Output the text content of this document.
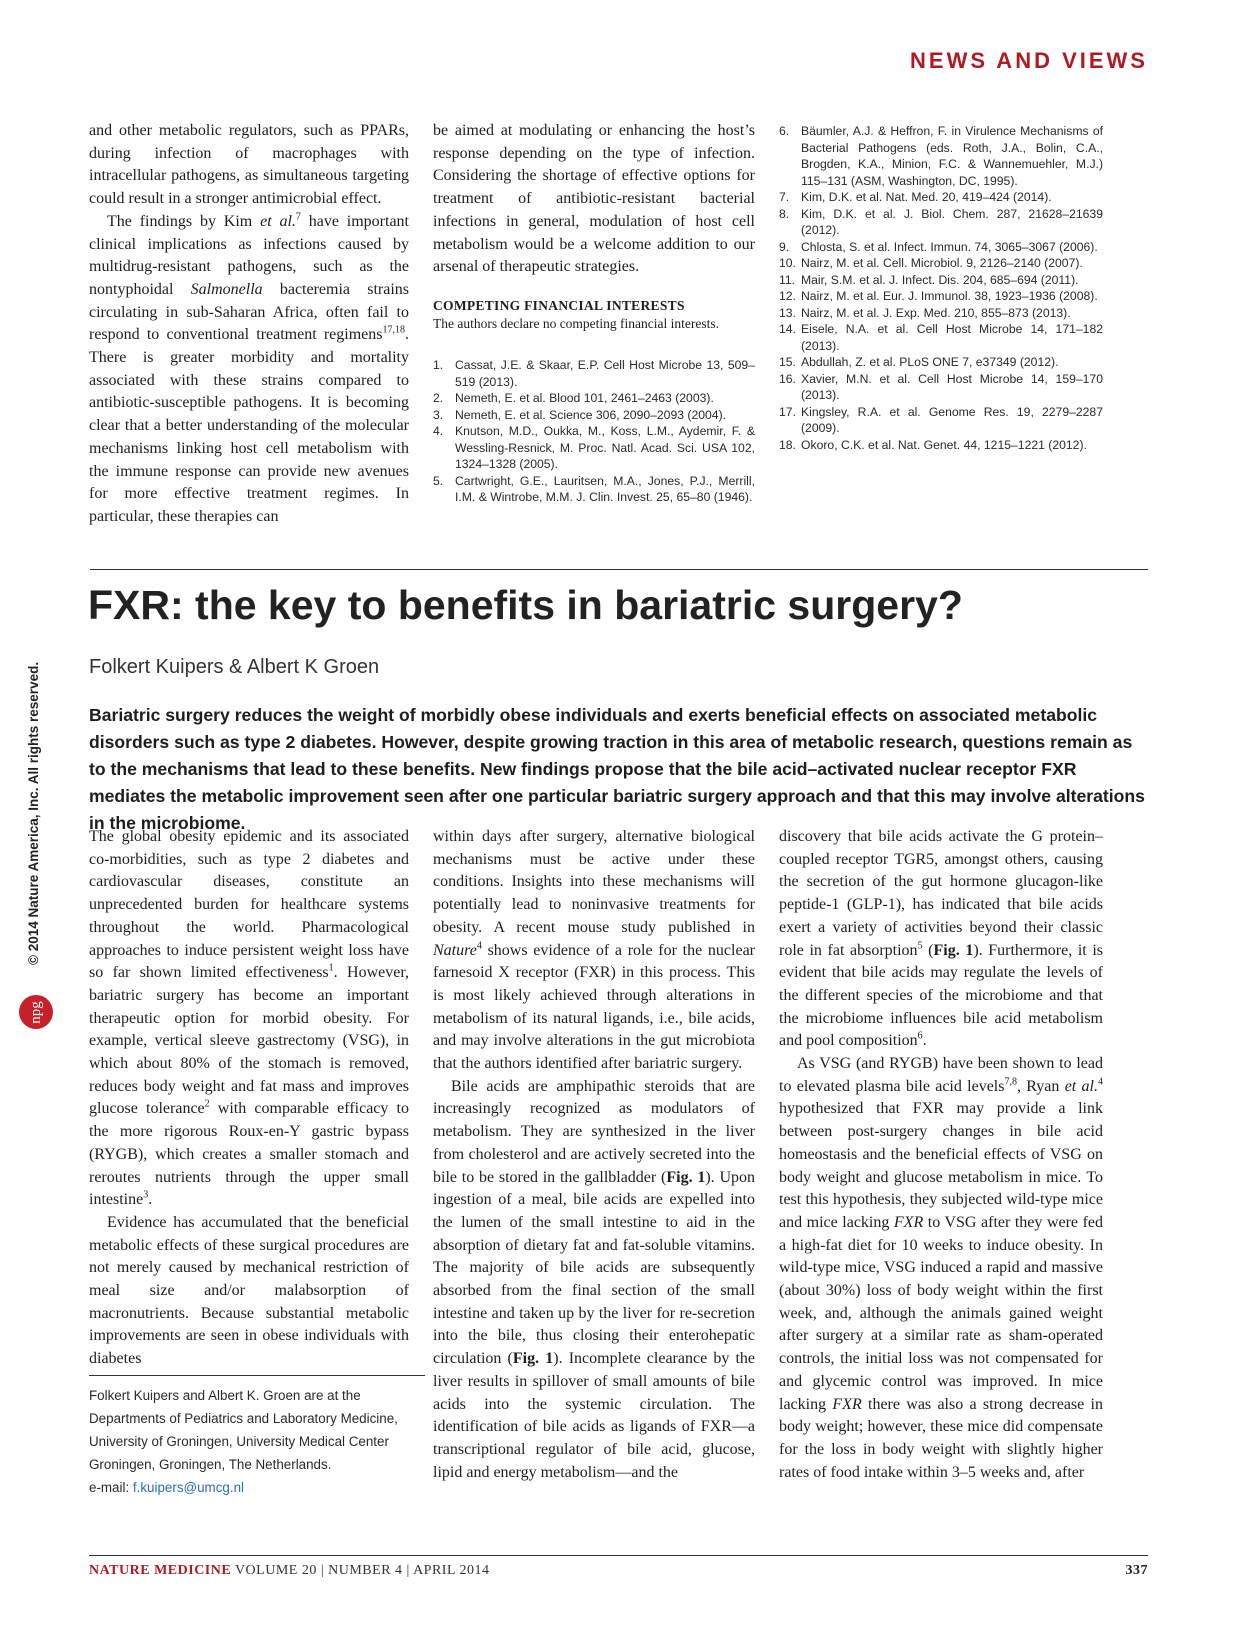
NEWS AND VIEWS
© 2014 Nature America, Inc. All rights reserved.
npg

and other metabolic regulators, such as PPARs, during infection of macrophages with intracellular pathogens, as simultaneous targeting could result in a stronger antimicrobial effect.

The findings by Kim et al.$^7$ have important clinical implications as infections caused by multidrug-resistant pathogens, such as the nontyphoidal Salmonella bacteremia strains circulating in sub-Saharan Africa, often fail to respond to conventional treatment regimens$^{17,18}$. There is greater morbidity and mortality associated with these strains compared to antibiotic-susceptible pathogens. It is becoming clear that a better understanding of the molecular mechanisms linking host cell metabolism with the immune response can provide new avenues for more effective treatment regimes. In particular, these therapies can

be aimed at modulating or enhancing the host’s response depending on the type of infection. Considering the shortage of effective options for treatment of antibiotic-resistant bacterial infections in general, modulation of host cell metabolism would be a welcome addition to our arsenal of therapeutic strategies.

COMPETING FINANCIAL INTERESTS
The authors declare no competing financial interests.
1. Cassat, J.E. & Skaar, E.P. Cell Host Microbe 13, 509–519 (2013).
2. Nemeth, E. et al. Blood 101, 2461–2463 (2003).
3. Nemeth, E. et al. Science 306, 2090–2093 (2004).
4. Knutson, M.D., Oukka, M., Koss, L.M., Aydemir, F. & Wessling-Resnick, M. Proc. Natl. Acad. Sci. USA 102, 1324–1328 (2005).
5. Cartwright, G.E., Lauritsen, M.A., Jones, P.J., Merrill, I.M. & Wintrobe, M.M. J. Clin. Invest. 25, 65–80 (1946).
6. Bäumler, A.J. & Heffron, F. in Virulence Mechanisms of Bacterial Pathogens (eds. Roth, J.A., Bolin, C.A., Brogden, K.A., Minion, F.C. & Wannemuehler, M.J.) 115–131 (ASM, Washington, DC, 1995).
7. Kim, D.K. et al. Nat. Med. 20, 419–424 (2014).
8. Kim, D.K. et al. J. Biol. Chem. 287, 21628–21639 (2012).
9. Chlosta, S. et al. Infect. Immun. 74, 3065–3067 (2006).
10. Nairz, M. et al. Cell. Microbiol. 9, 2126–2140 (2007).
11. Mair, S.M. et al. J. Infect. Dis. 204, 685–694 (2011).
12. Nairz, M. et al. Eur. J. Immunol. 38, 1923–1936 (2008).
13. Nairz, M. et al. J. Exp. Med. 210, 855–873 (2013).
14. Eisele, N.A. et al. Cell Host Microbe 14, 171–182 (2013).
15. Abdullah, Z. et al. PLoS ONE 7, e37349 (2012).
16. Xavier, M.N. et al. Cell Host Microbe 14, 159–170 (2013).
17. Kingsley, R.A. et al. Genome Res. 19, 2279–2287 (2009).
18. Okoro, C.K. et al. Nat. Genet. 44, 1215–1221 (2012).
FXR: the key to benefits in bariatric surgery?
Folkert Kuipers & Albert K Groen
Bariatric surgery reduces the weight of morbidly obese individuals and exerts beneficial effects on associated metabolic disorders such as type 2 diabetes. However, despite growing traction in this area of metabolic research, questions remain as to the mechanisms that lead to these benefits. New findings propose that the bile acid–activated nuclear receptor FXR mediates the metabolic improvement seen after one particular bariatric surgery approach and that this may involve alterations in the microbiome.

The global obesity epidemic and its associated co-morbidities, such as type 2 diabetes and cardiovascular diseases, constitute an unprecedented burden for healthcare systems throughout the world. Pharmacological approaches to induce persistent weight loss have so far shown limited effectiveness$^1$. However, bariatric surgery has become an important therapeutic option for morbid obesity. For example, vertical sleeve gastrectomy (VSG), in which about 80% of the stomach is removed, reduces body weight and fat mass and improves glucose tolerance$^2$ with comparable efficacy to the more rigorous Roux-en-Y gastric bypass (RYGB), which creates a smaller stomach and reroutes nutrients through the upper small intestine$^3$.

Evidence has accumulated that the beneficial metabolic effects of these surgical procedures are not merely caused by mechanical restriction of meal size and/or malabsorption of macronutrients. Because substantial metabolic improvements are seen in obese individuals with diabetes

Folkert Kuipers and Albert K. Groen are at the Departments of Pediatrics and Laboratory Medicine, University of Groningen, University Medical Center Groningen, Groningen, The Netherlands.
e-mail: f.kuipers@umcg.nl

within days after surgery, alternative biological mechanisms must be active under these conditions. Insights into these mechanisms will potentially lead to noninvasive treatments for obesity. A recent mouse study published in Nature$^4$ shows evidence of a role for the nuclear farnesoid X receptor (FXR) in this process. This is most likely achieved through alterations in metabolism of its natural ligands, i.e., bile acids, and may involve alterations in the gut microbiota that the authors identified after bariatric surgery.

Bile acids are amphipathic steroids that are increasingly recognized as modulators of metabolism. They are synthesized in the liver from cholesterol and are actively secreted into the bile to be stored in the gallbladder (Fig. 1). Upon ingestion of a meal, bile acids are expelled into the lumen of the small intestine to aid in the absorption of dietary fat and fat-soluble vitamins. The majority of bile acids are subsequently absorbed from the final section of the small intestine and taken up by the liver for re-secretion into the bile, thus closing their enterohepatic circulation (Fig. 1). Incomplete clearance by the liver results in spillover of small amounts of bile acids into the systemic circulation. The identification of bile acids as ligands of FXR—a transcriptional regulator of bile acid, glucose, lipid and energy metabolism—and the

discovery that bile acids activate the G protein–coupled receptor TGR5, amongst others, causing the secretion of the gut hormone glucagon-like peptide-1 (GLP-1), has indicated that bile acids exert a variety of activities beyond their classic role in fat absorption$^5$ (Fig. 1). Furthermore, it is evident that bile acids may regulate the levels of the different species of the microbiome and that the microbiome influences bile acid metabolism and pool composition$^6$.

As VSG (and RYGB) have been shown to lead to elevated plasma bile acid levels$^{7,8}$, Ryan et al.$^4$ hypothesized that FXR may provide a link between post-surgery changes in bile acid homeostasis and the beneficial effects of VSG on body weight and glucose metabolism in mice. To test this hypothesis, they subjected wild-type mice and mice lacking FXR to VSG after they were fed a high-fat diet for 10 weeks to induce obesity. In wild-type mice, VSG induced a rapid and massive (about 30%) loss of body weight within the first week, and, although the animals gained weight after surgery at a similar rate as sham-operated controls, the initial loss was not compensated for and glycemic control was improved. In mice lacking FXR there was also a strong decrease in body weight; however, these mice did compensate for the loss in body weight with slightly higher rates of food intake within 3–5 weeks and, after

NATURE MEDICINE VOLUME 20 | NUMBER 4 | APRIL 2014	337
